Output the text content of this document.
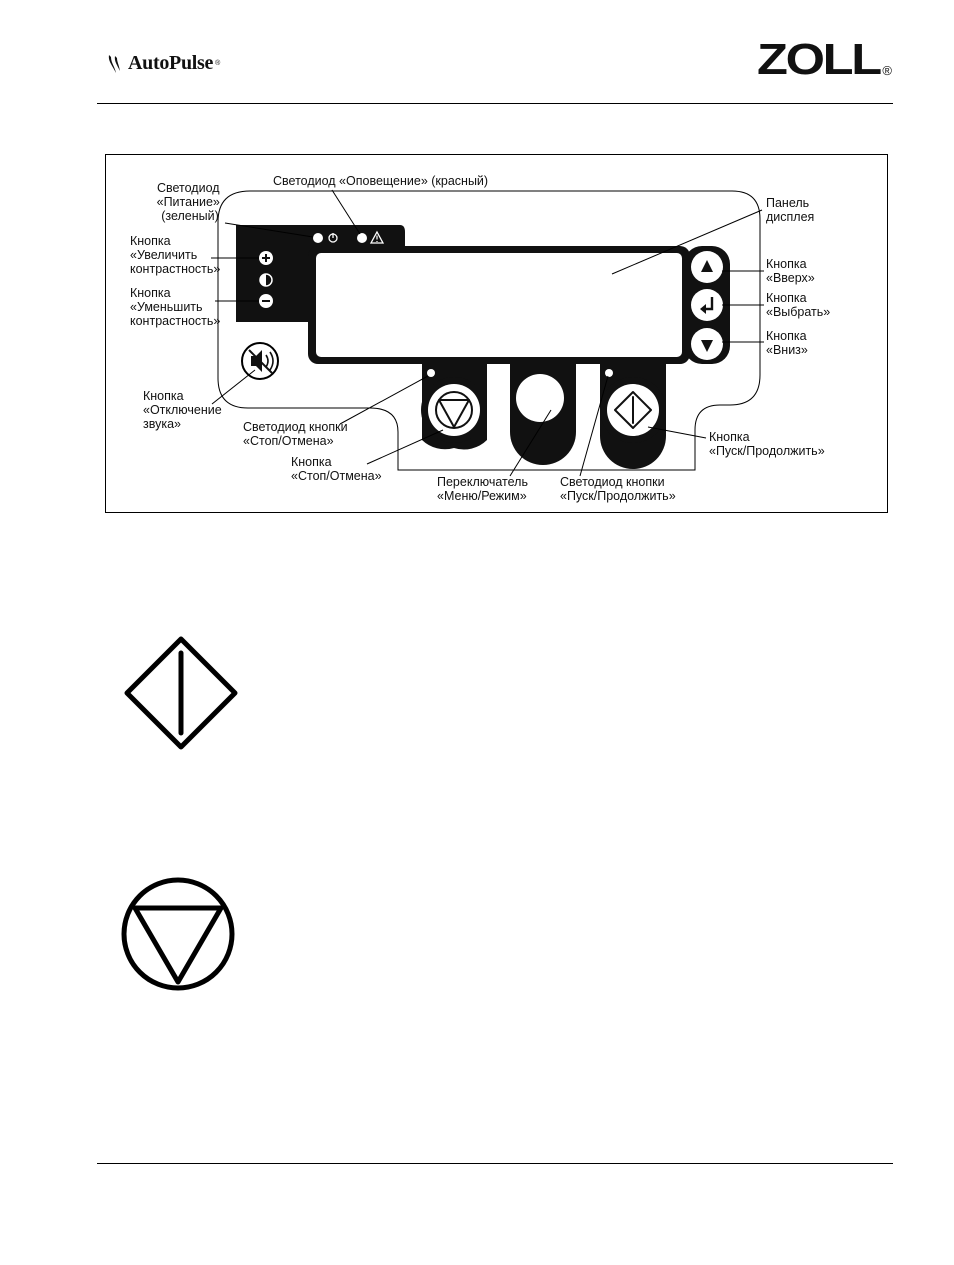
AutoPulse ®	ZOLL ®
Светодиод «Питание» (зеленый)
Светодиод «Оповещение» (красный)
Панель дисплея
Кнопка «Увеличить контрастность»
Кнопка «Уменьшить контрастность»
Кнопка «Вверх»
Кнопка «Выбрать»
Кнопка «Вниз»
Кнопка «Отключение звука»	Светодиод кнопки «Стоп/Отмена»
Кнопка «Стоп/Отмена»	Переключатель «Меню/Режим»
Светодиод кнопки «Пуск/Продолжить»
Кнопка «Пуск/Продолжить»
